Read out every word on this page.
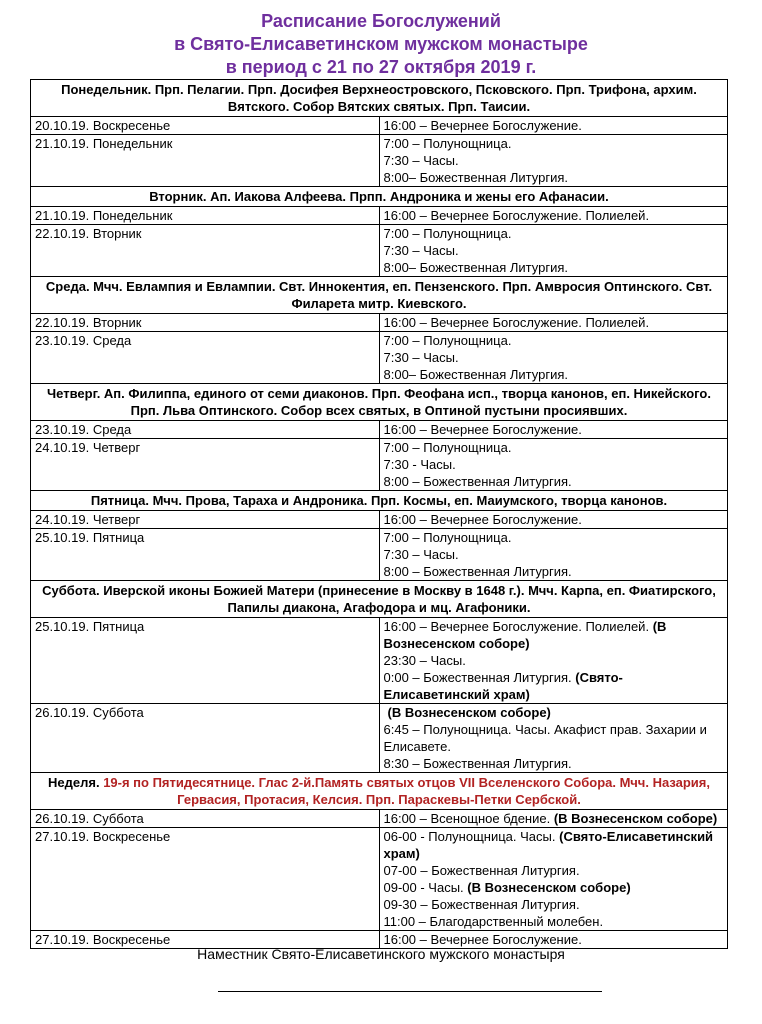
Расписание Богослужений
в Свято-Елисаветинском мужском монастыре
в период с 21 по 27 октября 2019 г.
Понедельник. Прп. Пелагии. Прп. Досифея Верхнеостровского, Псковского. Прп. Трифона, архим. Вятского. Собор Вятских святых. Прп. Таисии.	
20.10.19. Воскресенье	16:00 – Вечернее Богослужение.

21.10.19. Понедельник	7:00 – Полунощница.
7:30 – Часы.
8:00– Божественная Литургия.

Вторник. Ап. Иакова Алфеева. Прпп. Андроника и жены его Афанасии.	
21.10.19. Понедельник	16:00 – Вечернее Богослужение. Полиелей.

22.10.19. Вторник	7:00 – Полунощница.
7:30 – Часы.
8:00– Божественная Литургия.

Среда. Мчч. Евлампия и Евлампии. Свт. Иннокентия, еп. Пензенского. Прп. Амвросия Оптинского. Свт. Филарета митр. Киевского.	
22.10.19. Вторник	16:00 – Вечернее Богослужение. Полиелей.

23.10.19. Среда	7:00 – Полунощница.
7:30 – Часы.
8:00– Божественная Литургия.

Четверг. Ап. Филиппа, единого от семи диаконов. Прп. Феофана исп., творца канонов, еп. Никейского. Прп. Льва Оптинского. Собор всех святых, в Оптиной пустыни просиявших.	
23.10.19. Среда	16:00 – Вечернее Богослужение.

24.10.19. Четверг	7:00 – Полунощница.
7:30 - Часы.
8:00 – Божественная Литургия.

Пятница. Мчч. Прова, Тараха и Андроника. Прп. Космы, еп. Маиумского, творца канонов.	
24.10.19. Четверг	16:00 – Вечернее Богослужение.

25.10.19. Пятница	7:00 – Полунощница.
7:30 – Часы.
8:00 – Божественная Литургия.

Суббота. Иверской иконы Божией Матери (принесение в Москву в 1648 г.). Мчч. Карпа, еп. Фиатирского, Папилы диакона, Агафодора и мц. Агафоники.	
25.10.19. Пятница	16:00 – Вечернее Богослужение. Полиелей. (В Вознесенском соборе)
23:30 – Часы.
0:00 – Божественная Литургия. (Свято-Елисаветинский храм)

26.10.19. Суббота	(В Вознесенском соборе)
6:45 – Полунощница. Часы. Акафист прав. Захарии и Елисавете.
8:30 – Божественная Литургия.

Неделя. 19-я по Пятидесятнице. Глас 2-й.Память святых отцов VII Вселенского Собора. Мчч. Назария, Гервасия, Протасия, Келсия. Прп. Параскевы-Петки Сербской.	
26.10.19. Суббота	16:00 – Всенощное бдение. (В Вознесенском соборе)

27.10.19. Воскресенье	06-00 - Полунощница. Часы. (Свято-Елисаветинский храм)
07-00 – Божественная Литургия.
09-00 - Часы. (В Вознесенском соборе)
09-30 – Божественная Литургия.
11:00 – Благодарственный молебен.

27.10.19. Воскресенье	16:00 – Вечернее Богослужение.
Наместник Свято-Елисаветинского мужского монастыря
